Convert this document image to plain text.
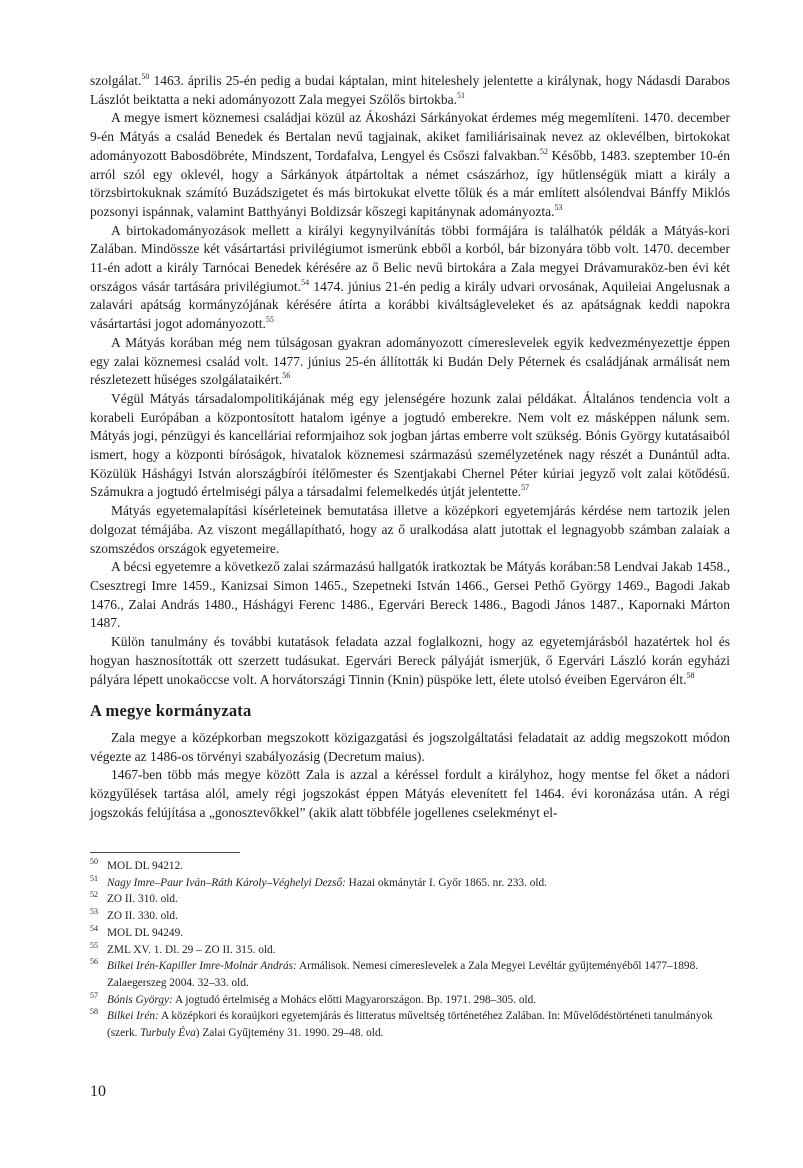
szolgálat.$^{50}$ 1463. április 25-én pedig a budai káptalan, mint hiteleshely jelentette a királynak, hogy Nádasdi Darabos Lászlót beiktatta a neki adományozott Zala megyei Szőlős birtokba.$^{51}$

A megye ismert köznemesi családjai közül az Ákosházi Sárkányokat érdemes még megemlíteni. 1470. december 9-én Mátyás a család Benedek és Bertalan nevű tagjainak, akiket familiárisainak nevez az oklevélben, birtokokat adományozott Babosdöbréte, Mindszent, Tordafalva, Lengyel és Csőszi falvakban.$^{52}$ Később, 1483. szeptember 10-én arról szól egy oklevél, hogy a Sárkányok átpártoltak a német császárhoz, így hűtlenségük miatt a király a törzsbirtokuknak számító Buzádszigetet és más birtokukat elvette tőlük és a már említett alsólendvai Bánffy Miklós pozsonyi ispánnak, valamint Batthyányi Boldizsár kőszegi kapitánynak adományozta.$^{53}$

A birtokadományozások mellett a királyi kegynyilvánítás többi formájára is találhatók példák a Mátyás-kori Zalában. Mindössze két vásártartási privilégiumot ismerünk ebből a korból, bár bizonyára több volt. 1470. december 11-én adott a király Tarnócai Benedek kérésére az ő Belic nevű birtokára a Zala megyei Drávamuraköz-ben évi két országos vásár tartására privilégiumot.$^{54}$ 1474. június 21-én pedig a király udvari orvosának, Aquileiai Angelusnak a zalavári apátság kormányzójának kérésére átírta a korábbi kiváltságleveleket és az apátságnak keddi napokra vásártartási jogot adományozott.$^{55}$

A Mátyás korában még nem túlságosan gyakran adományozott címereslevelek egyik kedvezményezettje éppen egy zalai köznemesi család volt. 1477. június 25-én állították ki Budán Dely Péternek és családjának armálisát nem részletezett hűséges szolgálataikért.$^{56}$

Végül Mátyás társadalompolitikájának még egy jelenségére hozunk zalai példákat. Általános tendencia volt a korabeli Európában a központosított hatalom igénye a jogtudó emberekre. Nem volt ez másképpen nálunk sem. Mátyás jogi, pénzügyi és kancelláriai reformjaihoz sok jogban jártas emberre volt szükség. Bónis György kutatásaiból ismert, hogy a központi bíróságok, hivatalok köznemesi származású személyzetének nagy részét a Dunántúl adta. Közülük Háshágyi István alországbírói ítélőmester és Szentjakabi Chernel Péter kúriai jegyző volt zalai kötődésű. Számukra a jogtudó értelmiségi pálya a társadalmi felemelkedés útját jelentette.$^{57}$

Mátyás egyetemalapítási kísérleteinek bemutatása illetve a középkori egyetemjárás kérdése nem tartozik jelen dolgozat témájába. Az viszont megállapítható, hogy az ő uralkodása alatt jutottak el legnagyobb számban zalaiak a szomszédos országok egyetemeire.

A bécsi egyetemre a következő zalai származású hallgatók iratkoztak be Mátyás korában:58 Lendvai Jakab 1458., Csesztregi Imre 1459., Kanizsai Simon 1465., Szepetneki István 1466., Gersei Pethő György 1469., Bagodi Jakab 1476., Zalai András 1480., Háshágyi Ferenc 1486., Egervári Bereck 1486., Bagodi János 1487., Kapornaki Márton 1487.

Külön tanulmány és további kutatások feladata azzal foglalkozni, hogy az egyetemjárásból hazatértek hol és hogyan hasznosították ott szerzett tudásukat. Egervári Bereck pályáját ismerjük, ő Egervári László korán egyházi pályára lépett unokaöccse volt. A horvátországi Tinnin (Knin) püspöke lett, élete utolsó éveiben Egerváron élt.$^{58}$

A megye kormányzata

Zala megye a középkorban megszokott közigazgatási és jogszolgáltatási feladatait az addig megszokott módon végezte az 1486-os törvényi szabályozásig (Decretum maius).

1467-ben több más megye között Zala is azzal a kéréssel fordult a királyhoz, hogy mentse fel őket a nádori közgyűlések tartása alól, amely régi jogszokást éppen Mátyás elevenített fel 1464. évi koronázása után. A régi jogszokás felújítása a „gonosztevőkkel” (akik alatt többféle jogellenes cselekményt el-

$^{50}$ MOL DL 94212.
$^{51}$ Nagy Imre–Paur Iván–Ráth Károly–Véghelyi Dezső: Hazai okmánytár I. Győr 1865. nr. 233. old.
$^{52}$ ZO II. 310. old.
$^{53}$ ZO II. 330. old.
$^{54}$ MOL DL 94249.
$^{55}$ ZML XV. 1. Dl. 29 – ZO II. 315. old.
$^{56}$ Bilkei Irén-Kapiller Imre-Molnár András: Armálisok. Nemesi címereslevelek a Zala Megyei Levéltár gyűjteményéből 1477–1898. Zalaegerszeg 2004. 32–33. old.
$^{57}$ Bónis György: A jogtudó értelmiség a Mohács előtti Magyarországon. Bp. 1971. 298–305. old.
$^{58}$ Bilkei Irén: A középkori és koraújkori egyetemjárás és litteratus műveltség történetéhez Zalában. In: Művelődéstörténeti tanulmányok (szerk. Turbuly Éva) Zalai Gyűjtemény 31. 1990. 29–48. old.
10
